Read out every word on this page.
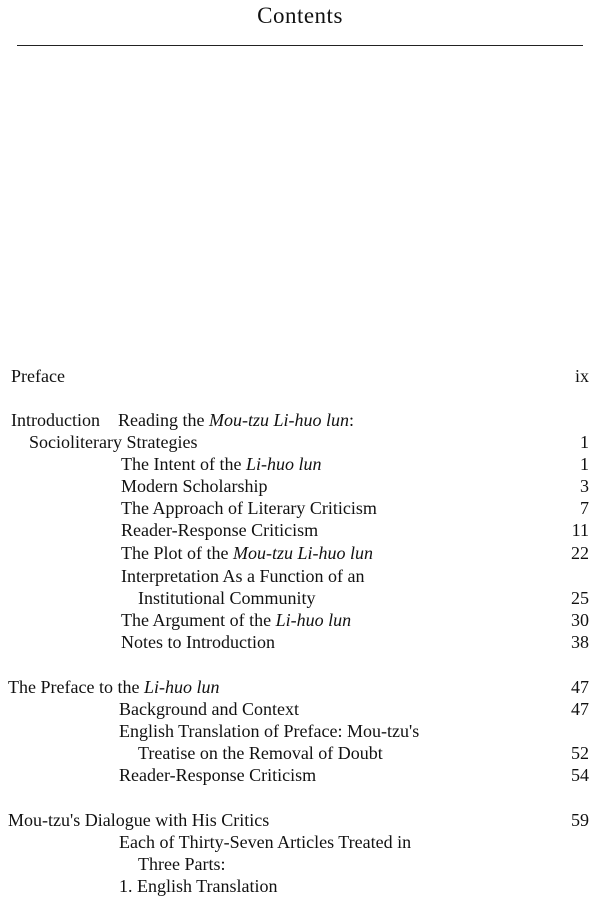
Contents
Preface	ix
Introduction Reading the Mou-tzu Li-huo lun:
Socioliterary Strategies	1
The Intent of the Li-huo lun	1
Modern Scholarship	3
The Approach of Literary Criticism	7
Reader-Response Criticism	11
The Plot of the Mou-tzu Li-huo lun	22
Interpretation As a Function of an
Institutional Community	25
The Argument of the Li-huo lun	30
Notes to Introduction	38
The Preface to the Li-huo lun	47
Background and Context	47
English Translation of Preface: Mou-tzu's
Treatise on the Removal of Doubt	52
Reader-Response Criticism	54
Mou-tzu's Dialogue with His Critics	59
Each of Thirty-Seven Articles Treated in
Three Parts:
1. English Translation
